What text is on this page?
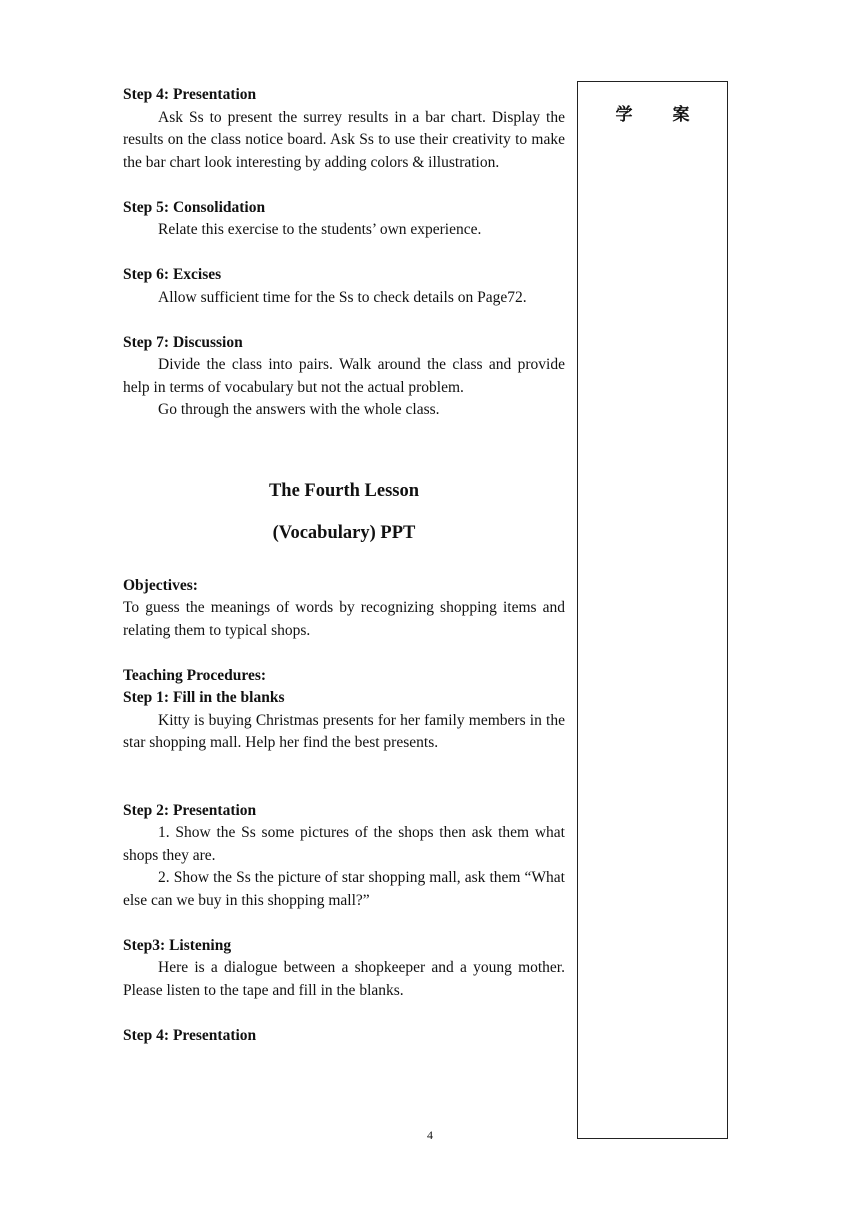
Step 4: Presentation

Ask Ss to present the surrey results in a bar chart. Display the results on the class notice board. Ask Ss to use their creativity to make the bar chart look interesting by adding colors & illustration.

Step 5: Consolidation

Relate this exercise to the students’ own experience.

Step 6: Excises

Allow sufficient time for the Ss to check details on Page72.

Step 7: Discussion

Divide the class into pairs. Walk around the class and provide help in terms of vocabulary but not the actual problem.

Go through the answers with the whole class.

The Fourth Lesson

(Vocabulary) PPT

Objectives:

To guess the meanings of words by recognizing shopping items and relating them to typical shops.

Teaching Procedures:

Step 1: Fill in the blanks

Kitty is buying Christmas presents for her family members in the star shopping mall. Help her find the best presents.

Step 2: Presentation

1. Show the Ss some pictures of the shops then ask them what shops they are.

2. Show the Ss the picture of star shopping mall, ask them “What else can we buy in this shopping mall?”

Step3: Listening

Here is a dialogue between a shopkeeper and a young mother. Please listen to the tape and fill in the blanks.

Step 4: Presentation

学 案
4
